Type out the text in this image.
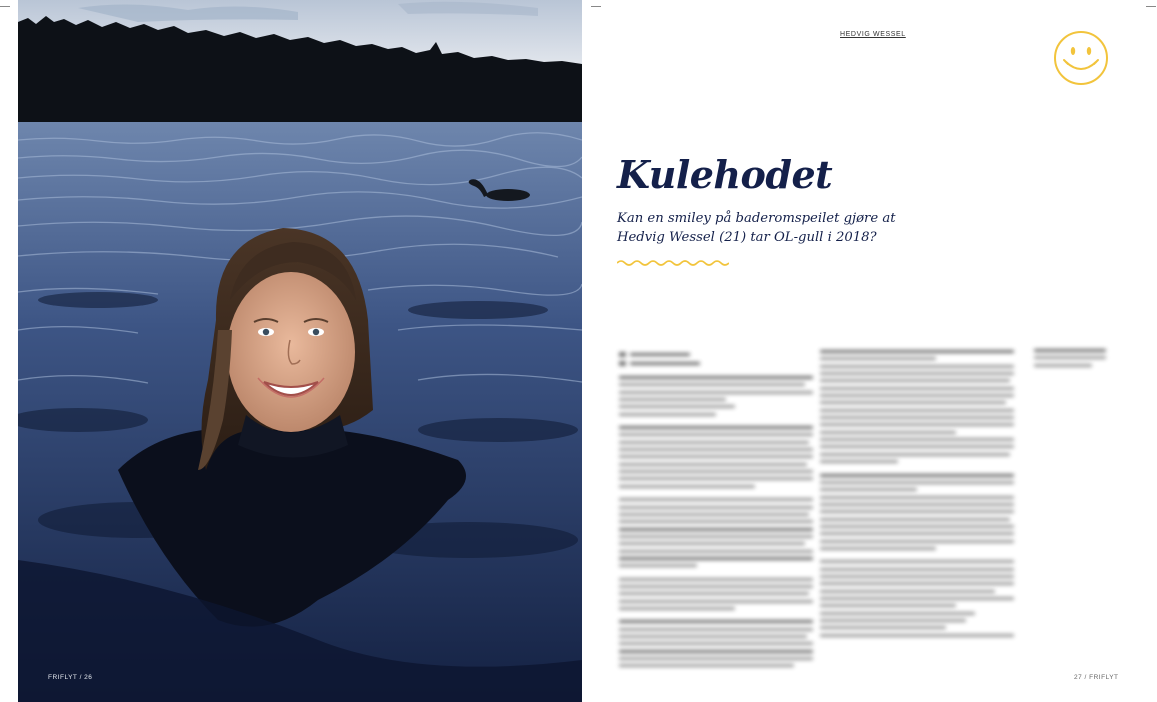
FRIFLYT / 26
HEDVIG WESSEL
Kulehodet

Kan en smiley på baderomspeilet gjøre at Hedvig Wessel (21) tar OL-gull i 2018?

27 / FRIFLYT
